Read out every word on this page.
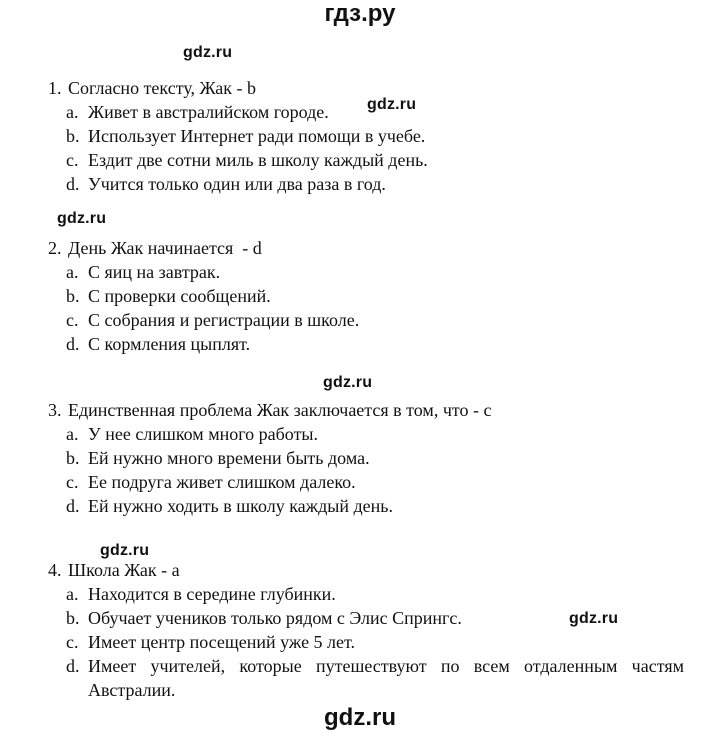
гдз.ру
gdz.ru
gdz.ru
gdz.ru
gdz.ru
gdz.ru
gdz.ru
gdz.ru
1. Согласно тексту, Жак - b
a. Живет в австралийском городе.
b. Использует Интернет ради помощи в учебе.
c. Ездит две сотни миль в школу каждый день.
d. Учится только один или два раза в год.
2. День Жак начинается  - d
a. С яиц на завтрак.
b. С проверки сообщений.
c. С собрания и регистрации в школе.
d. С кормления цыплят.
3. Единственная проблема Жак заключается в том, что - c
a. У нее слишком много работы.
b. Ей нужно много времени быть дома.
c. Ее подруга живет слишком далеко.
d. Ей нужно ходить в школу каждый день.
4. Школа Жак - a
a. Находится в середине глубинки.
b. Обучает учеников только рядом с Элис Спрингс.
c. Имеет центр посещений уже 5 лет.
d. Имеет учителей, которые путешествуют по всем отдаленным частям Австралии.
